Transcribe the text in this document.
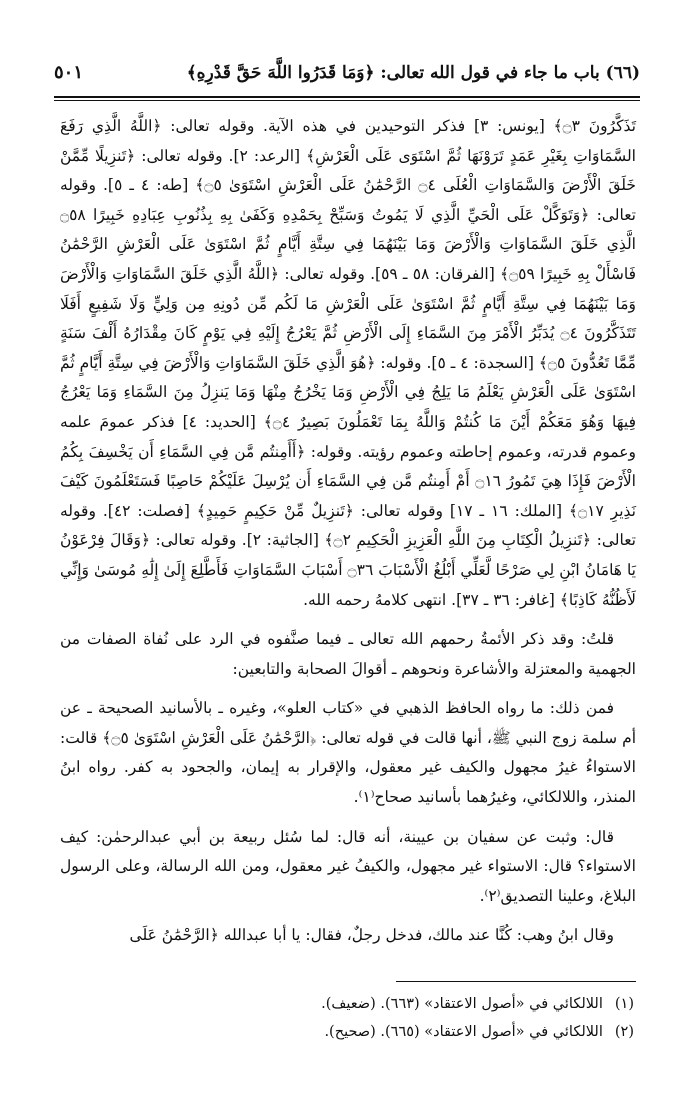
(٦٦) باب ما جاء في قول الله تعالى: ﴿وَمَا قَدَرُوا اللَّهَ حَقَّ قَدْرِهِ﴾
٥٠١

تَذَكَّرُونَ ۝٣﴾ [يونس: ٣] فذكر التوحيدين في هذه الآية. وقوله تعالى: ﴿اللَّهُ الَّذِي رَفَعَ السَّمَاوَاتِ بِغَيْرِ عَمَدٍ تَرَوْنَهَا ثُمَّ اسْتَوَى عَلَى الْعَرْشِ﴾ [الرعد: ٢]. وقوله تعالى: ﴿تَنزِيلًا مِّمَّنْ خَلَقَ الْأَرْضَ وَالسَّمَاوَاتِ الْعُلَى ۝٤ الرَّحْمَٰنُ عَلَى الْعَرْشِ اسْتَوَىٰ ۝٥﴾ [طه: ٤ ـ ٥]. وقوله تعالى: ﴿وَتَوَكَّلْ عَلَى الْحَيِّ الَّذِي لَا يَمُوتُ وَسَبِّحْ بِحَمْدِهِ وَكَفَىٰ بِهِ بِذُنُوبِ عِبَادِهِ خَبِيرًا ۝٥٨ الَّذِي خَلَقَ السَّمَاوَاتِ وَالْأَرْضَ وَمَا بَيْنَهُمَا فِي سِتَّةِ أَيَّامٍ ثُمَّ اسْتَوَىٰ عَلَى الْعَرْشِ الرَّحْمَٰنُ فَاسْأَلْ بِهِ خَبِيرًا ۝٥٩﴾ [الفرقان: ٥٨ ـ ٥٩]. وقوله تعالى: ﴿اللَّهُ الَّذِي خَلَقَ السَّمَاوَاتِ وَالْأَرْضَ وَمَا بَيْنَهُمَا فِي سِتَّةِ أَيَّامٍ ثُمَّ اسْتَوَىٰ عَلَى الْعَرْشِ مَا لَكُم مِّن دُونِهِ مِن وَلِيٍّ وَلَا شَفِيعٍ أَفَلَا تَتَذَكَّرُونَ ۝٤ يُدَبِّرُ الْأَمْرَ مِنَ السَّمَاءِ إِلَى الْأَرْضِ ثُمَّ يَعْرُجُ إِلَيْهِ فِي يَوْمٍ كَانَ مِقْدَارُهُ أَلْفَ سَنَةٍ مِّمَّا تَعُدُّونَ ۝٥﴾ [السجدة: ٤ ـ ٥]. وقوله: ﴿هُوَ الَّذِي خَلَقَ السَّمَاوَاتِ وَالْأَرْضَ فِي سِتَّةِ أَيَّامٍ ثُمَّ اسْتَوَىٰ عَلَى الْعَرْشِ يَعْلَمُ مَا يَلِجُ فِي الْأَرْضِ وَمَا يَخْرُجُ مِنْهَا وَمَا يَنزِلُ مِنَ السَّمَاءِ وَمَا يَعْرُجُ فِيهَا وَهُوَ مَعَكُمْ أَيْنَ مَا كُنتُمْ وَاللَّهُ بِمَا تَعْمَلُونَ بَصِيرٌ ۝٤﴾ [الحديد: ٤] فذكر عمومَ علمه وعموم قدرته، وعموم إحاطته وعموم رؤيته. وقوله: ﴿أَأَمِنتُم مَّن فِي السَّمَاءِ أَن يَخْسِفَ بِكُمُ الْأَرْضَ فَإِذَا هِيَ تَمُورُ ۝١٦ أَمْ أَمِنتُم مَّن فِي السَّمَاءِ أَن يُرْسِلَ عَلَيْكُمْ حَاصِبًا فَسَتَعْلَمُونَ كَيْفَ نَذِيرِ ۝١٧﴾ [الملك: ١٦ ـ ١٧] وقوله تعالى: ﴿تَنزِيلٌ مِّنْ حَكِيمٍ حَمِيدٍ﴾ [فصلت: ٤٢]. وقوله تعالى: ﴿تَنزِيلُ الْكِتَابِ مِنَ اللَّهِ الْعَزِيزِ الْحَكِيمِ ۝٢﴾ [الجاثية: ٢]. وقوله تعالى: ﴿وَقَالَ فِرْعَوْنُ يَا هَامَانُ ابْنِ لِي صَرْحًا لَّعَلِّي أَبْلُغُ الْأَسْبَابَ ۝٣٦ أَسْبَابَ السَّمَاوَاتِ فَأَطَّلِعَ إِلَىٰ إِلَٰهِ مُوسَىٰ وَإِنِّي لَأَظُنُّهُ كَاذِبًا﴾ [غافر: ٣٦ ـ ٣٧]. انتهى كلامهُ رحمه الله.

قلتُ: وقد ذكر الأئمةُ رحمهم الله تعالى ـ فيما صنَّفوه في الرد على نُفاة الصفات من الجهمية والمعتزلة والأشاعرة ونحوهم ـ أقوالَ الصحابة والتابعين:

فمن ذلك: ما رواه الحافظ الذهبي في «كتاب العلو»، وغيره ـ بالأسانيد الصحيحة ـ عن أم سلمة زوج النبي ﷺ، أنها قالت في قوله تعالى: ﴿الرَّحْمَٰنُ عَلَى الْعَرْشِ اسْتَوَىٰ ۝٥﴾ قالت: الاستواءُ غيرُ مجهول والكيف غير معقول، والإقرار به إيمان، والجحود به كفر. رواه ابنُ المنذر، واللالكائي، وغيرُهما بأسانيد صحاح⁽١⁾.

قال: وثبت عن سفيان بن عيينة، أنه قال: لما سُئل ربيعة بن أبي عبدالرحمٰن: كيف الاستواء؟ قال: الاستواء غير مجهول، والكيفُ غير معقول، ومن الله الرسالة، وعلى الرسول البلاغ، وعلينا التصديق⁽٢⁾.

وقال ابنُ وهب: كُنَّا عند مالك، فدخل رجلٌ، فقال: يا أبا عبدالله ﴿الرَّحْمَٰنُ عَلَى

(١)
اللالكائي في «أصول الاعتقاد» (٦٦٣). (ضعيف).
(٢)
اللالكائي في «أصول الاعتقاد» (٦٦٥). (صحيح).
